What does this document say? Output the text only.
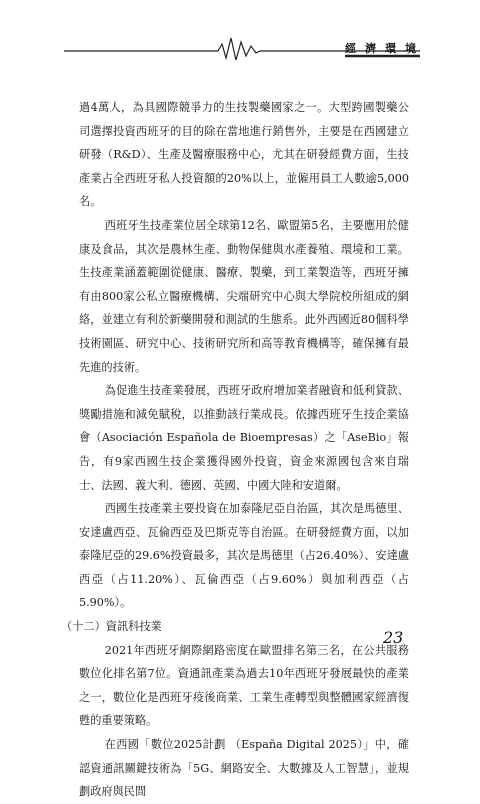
經濟環境

過4萬人，為具國際競爭力的生技製藥國家之一。大型跨國製藥公司選擇投資西班牙的目的除在當地進行銷售外，主要是在西國建立研發（R&D）、生產及醫療服務中心，尤其在研發經費方面，生技產業占全西班牙私人投資額的20%以上，並僱用員工人數逾5,000名。

西班牙生技產業位居全球第12名、歐盟第5名，主要應用於健康及食品，其次是農林生產、動物保健與水產養殖、環境和工業。生技產業涵蓋範圍從健康、醫療、製藥，到工業製造等，西班牙擁有由800家公私立醫療機構、尖端研究中心與大學院校所組成的網絡，並建立有利於新藥開發和測試的生態系。此外西國近80個科學技術園區、研究中心、技術研究所和高等教育機構等，確保擁有最先進的技術。

為促進生技產業發展，西班牙政府增加業者融資和低利貸款、獎勵措施和減免賦稅，以推動該行業成長。依據西班牙生技企業協會（Asociación Española de Bioempresas）之「AseBio」報告，有9家西國生技企業獲得國外投資，資金來源國包含來自瑞士、法國、義大利、德國、英國、中國大陸和安道爾。

西國生技產業主要投資在加泰隆尼亞自治區，其次是馬德里、安達盧西亞、瓦倫西亞及巴斯克等自治區。在研發經費方面，以加泰隆尼亞的29.6%投資最多，其次是馬德里（占26.40%）、安達盧西亞（占11.20%）、瓦倫西亞（占9.60%）與加利西亞（占5.90%）。

（十二）資訊科技業

2021年西班牙網際網路密度在歐盟排名第三名，在公共服務數位化排名第7位。資通訊產業為過去10年西班牙發展最快的產業之一，數位化是西班牙疫後商業、工業生產轉型與整體國家經濟復甦的重要策略。

在西國「數位2025計劃 （España Digital 2025）」中，確認資通訊關鍵技術為「5G、網路安全、大數據及人工智慧」，並規劃政府與民間

23
